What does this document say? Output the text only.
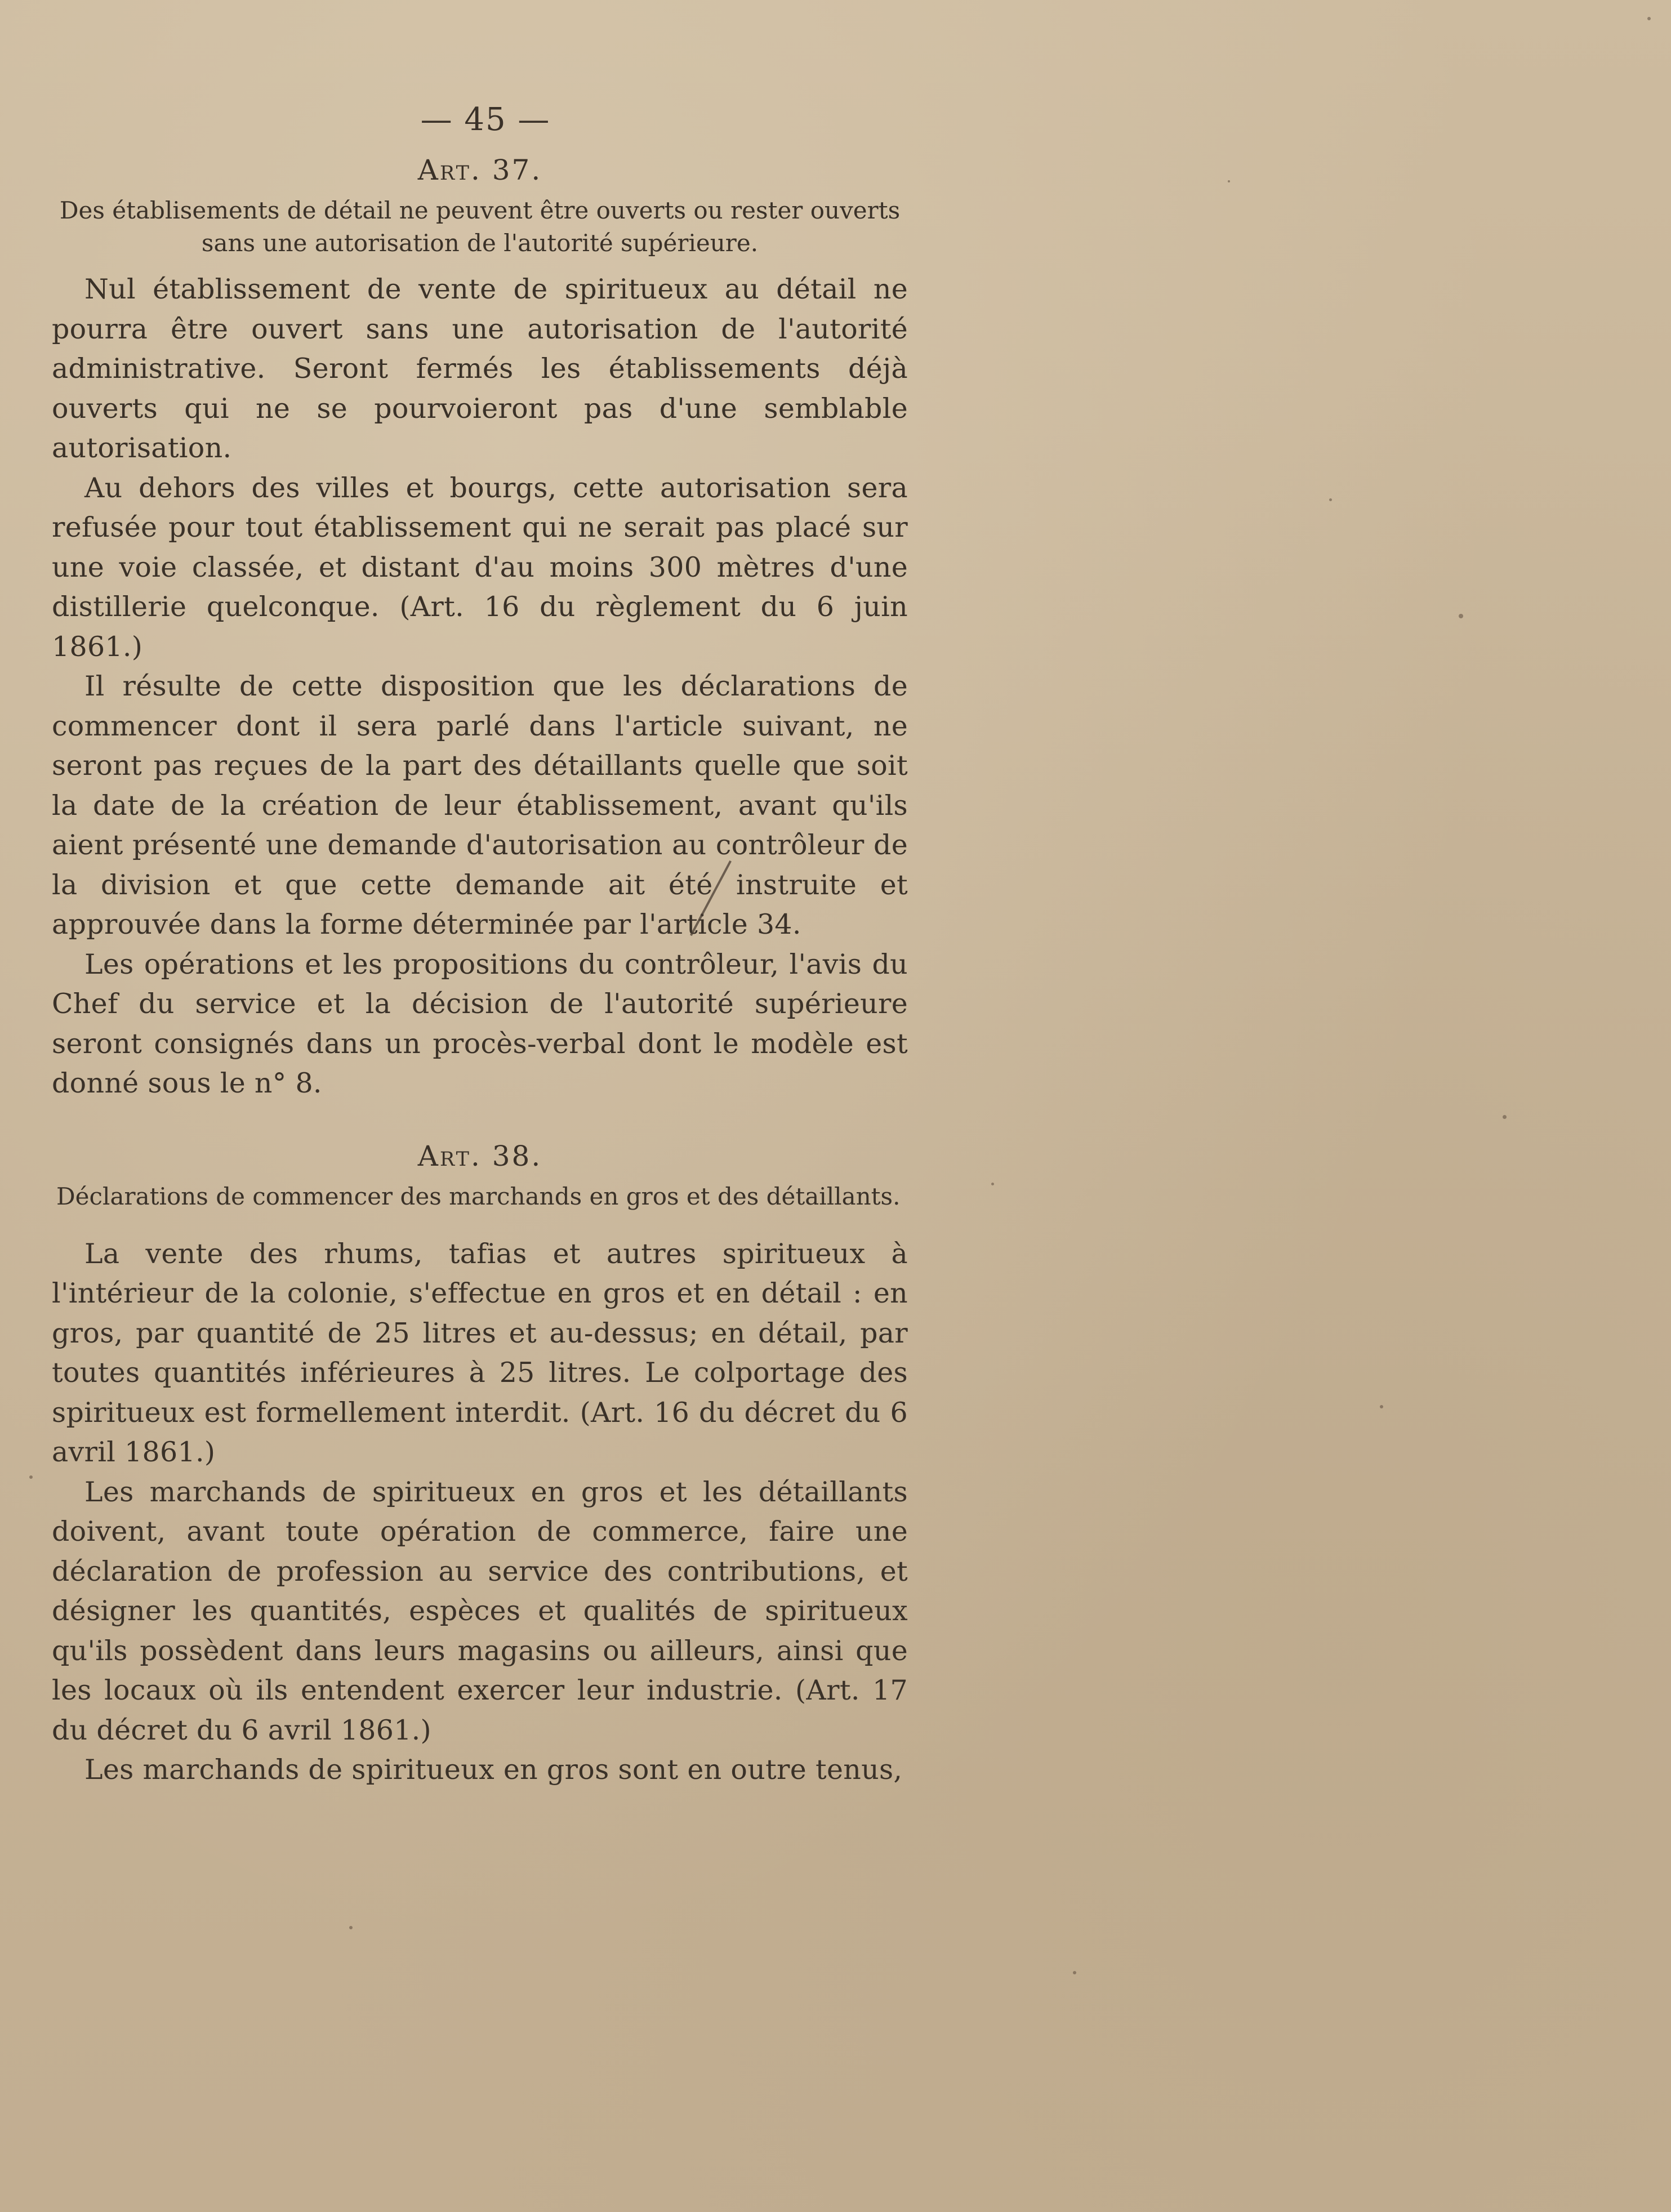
— 45 —
Art. 37.
Des établisements de détail ne peuvent être ouverts ou rester ouverts sans une autorisation de l'autorité supérieure.

Nul établissement de vente de spiritueux au détail ne pourra être ouvert sans une autorisation de l'autorité administrative. Seront fermés les établissements déjà ouverts qui ne se pourvoieront pas d'une semblable autorisation.

Au dehors des villes et bourgs, cette autorisation sera refusée pour tout établissement qui ne serait pas placé sur une voie classée, et distant d'au moins 300 mètres d'une distillerie quelconque. (Art. 16 du règlement du 6 juin 1861.)

Il résulte de cette disposition que les déclarations de commencer dont il sera parlé dans l'article suivant, ne seront pas reçues de la part des détaillants quelle que soit la date de la création de leur établissement, avant qu'ils aient présenté une demande d'autorisation au contrôleur de la division et que cette demande ait été instruite et approuvée dans la forme déterminée par l'article 34.

Les opérations et les propositions du contrôleur, l'avis du Chef du service et la décision de l'autorité supérieure seront consignés dans un procès-verbal dont le modèle est donné sous le n° 8.

Art. 38.
Déclarations de commencer des marchands en gros et des détaillants.

La vente des rhums, tafias et autres spiritueux à l'intérieur de la colonie, s'effectue en gros et en détail : en gros, par quantité de 25 litres et au-dessus; en détail, par toutes quantités inférieures à 25 litres. Le colportage des spiritueux est formellement interdit. (Art. 16 du décret du 6 avril 1861.)

Les marchands de spiritueux en gros et les détaillants doivent, avant toute opération de commerce, faire une déclaration de profession au service des contributions, et désigner les quantités, espèces et qualités de spiritueux qu'ils possèdent dans leurs magasins ou ailleurs, ainsi que les locaux où ils entendent exercer leur industrie. (Art. 17 du décret du 6 avril 1861.)

Les marchands de spiritueux en gros sont en outre tenus,
